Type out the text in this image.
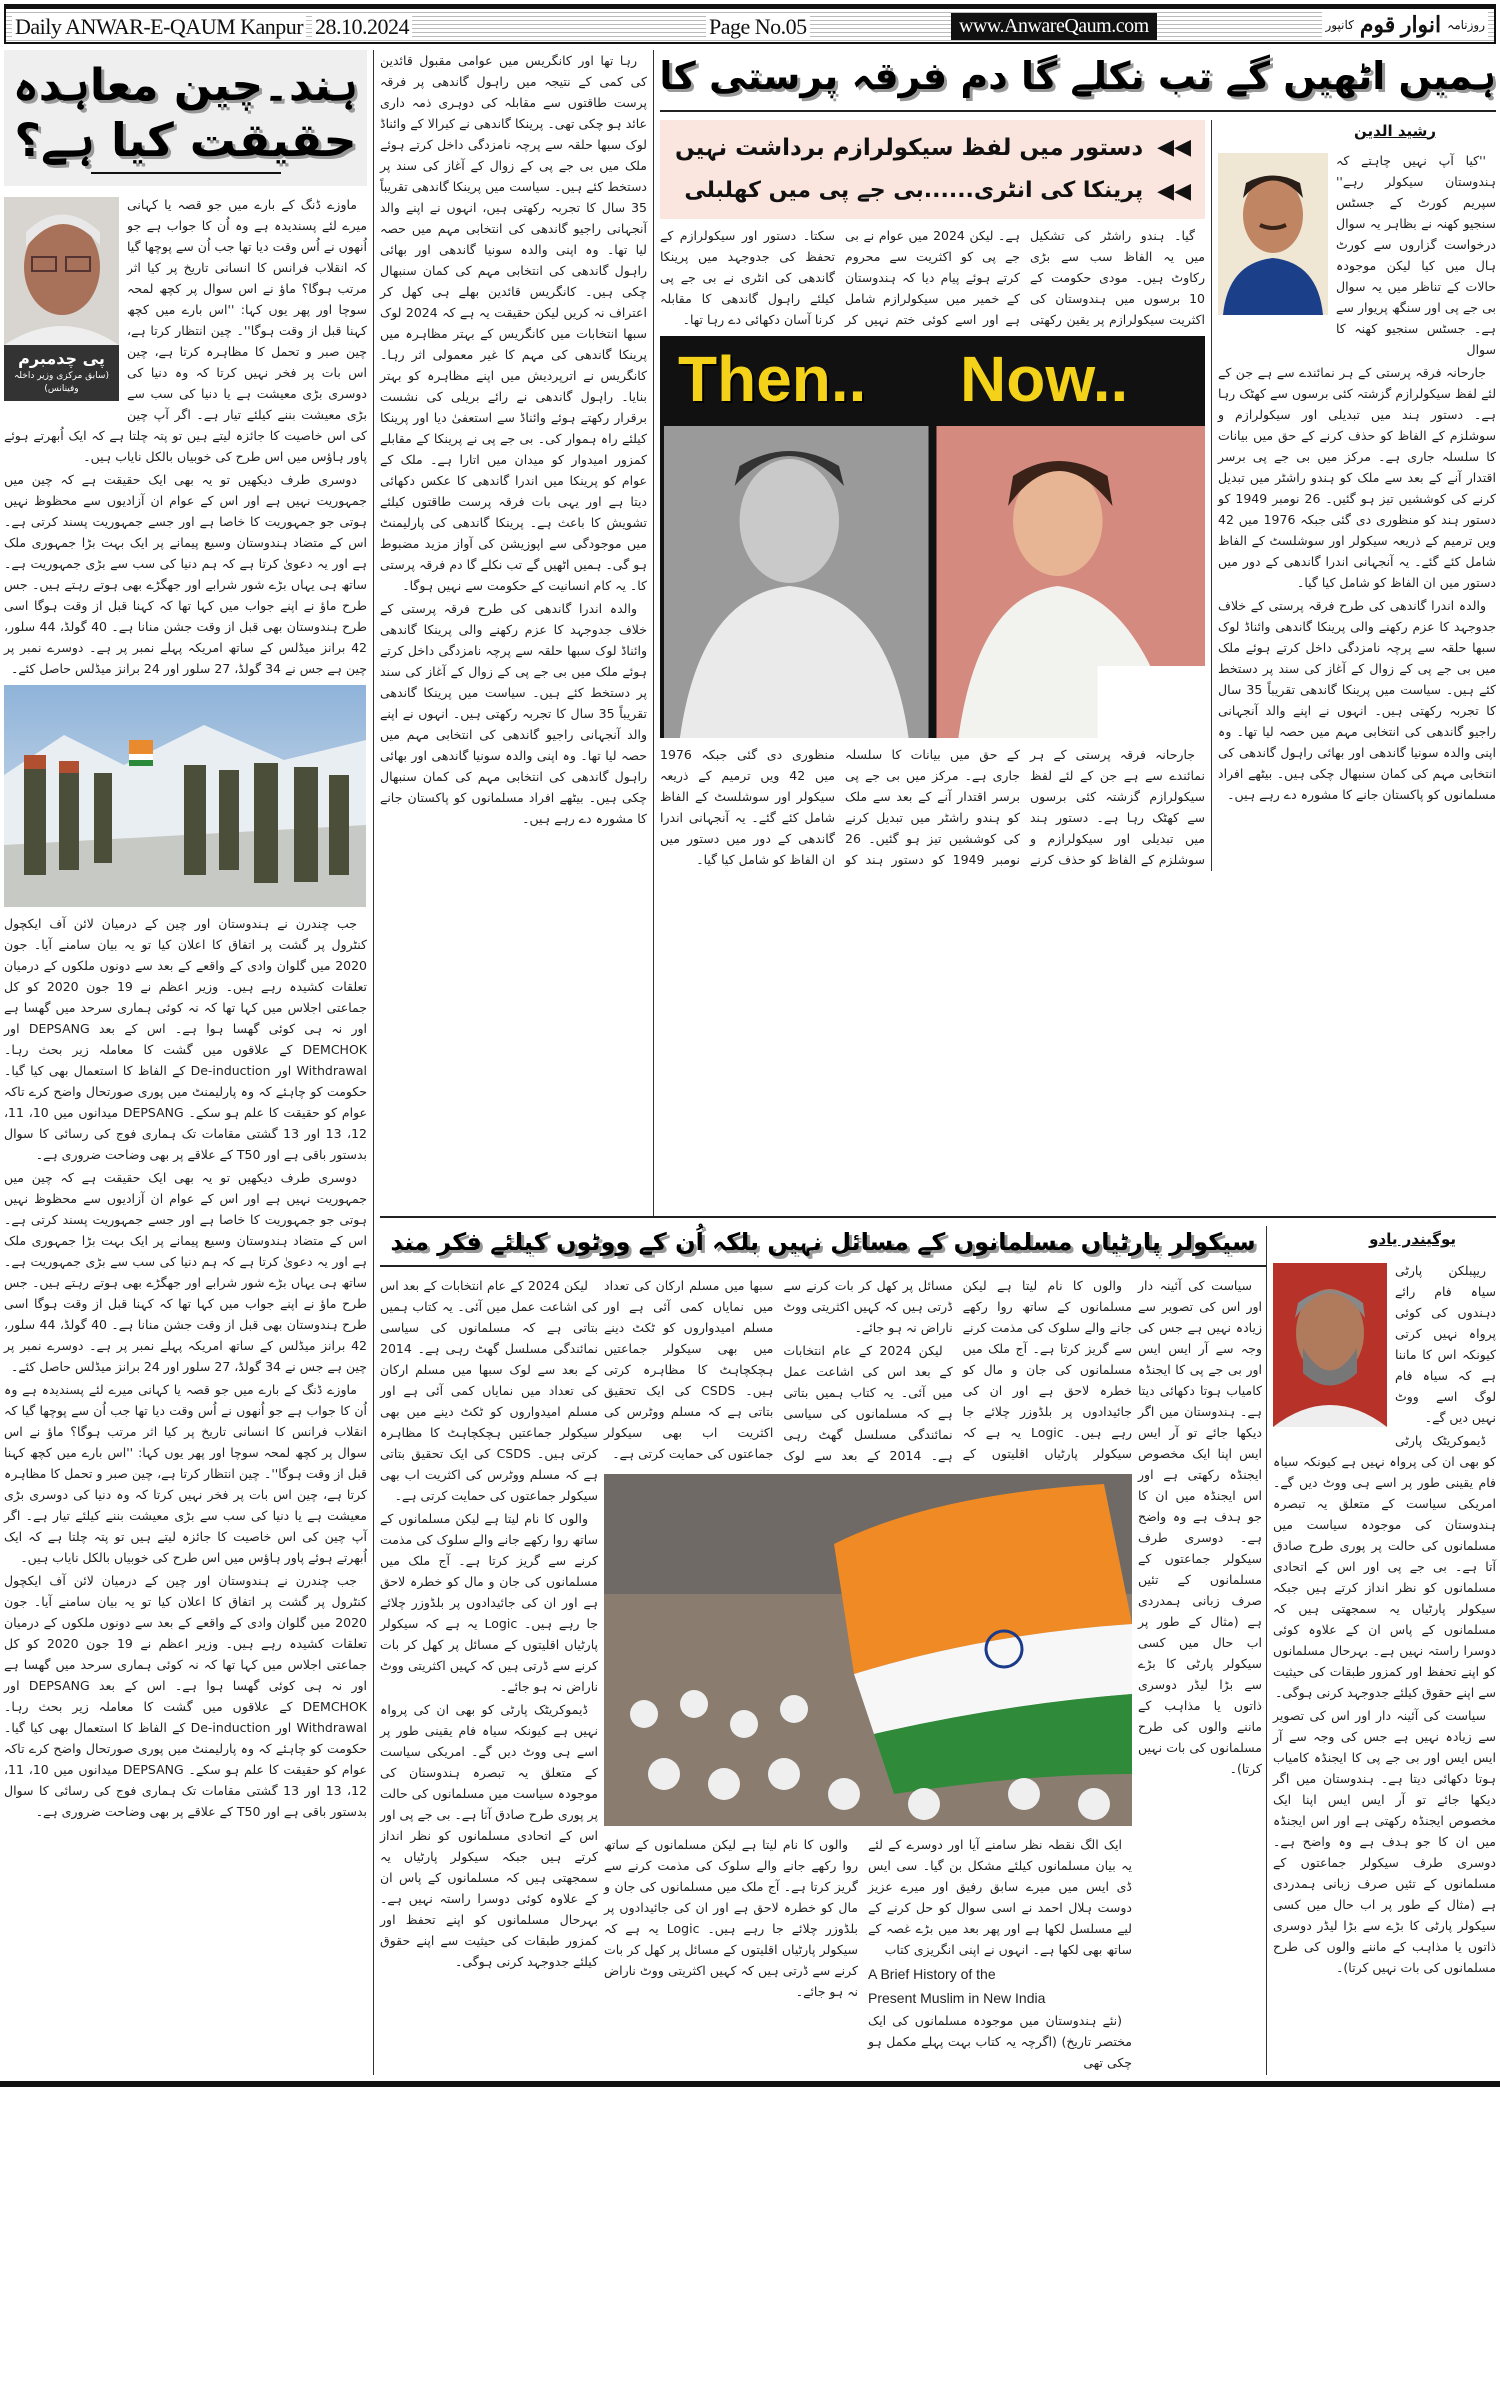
Daily ANWAR-E-QAUM Kanpur 28.10.2024	Page No.05	www.AnwareQaum.com	روزنامہ
انوار قوم
کانپور
ہند۔چین معاہدہ
حقیقت کیا ہے؟
پی چدمبرم
(سابق مرکزی وزیر داخلہ وفینانس)

ماوزے ڈنگ کے بارے میں جو قصہ یا کہانی میرے لئے پسندیدہ ہے وہ اُن کا جواب ہے جو اُنھوں نے اُس وقت دیا تھا جب اُن سے پوچھا گیا کہ انقلاب فرانس کا انسانی تاریخ پر کیا اثر مرتب ہوگا؟ ماؤ نے اس سوال پر کچھ لمحہ سوچا اور پھر یوں کہا: ''اس بارے میں کچھ کہنا قبل از وقت ہوگا''۔ چین انتظار کرتا ہے، چین صبر و تحمل کا مظاہرہ کرتا ہے، چین اس بات پر فخر نہیں کرتا کہ وہ دنیا کی دوسری بڑی معیشت ہے یا دنیا کی سب سے بڑی معیشت بننے کیلئے تیار ہے۔ اگر آپ چین کی اس خاصیت کا جائزہ لیتے ہیں تو پتہ چلتا ہے کہ ایک اُبھرتے ہوئے پاور ہاؤس میں اس طرح کی خوبیاں بالکل نایاب ہیں۔

دوسری طرف دیکھیں تو یہ بھی ایک حقیقت ہے کہ چین میں جمہوریت نہیں ہے اور اس کے عوام ان آزادیوں سے محظوظ نہیں ہوتی جو جمہوریت کا خاصا ہے اور جسے جمہوریت پسند کرتی ہے۔ اس کے متضاد ہندوستان وسیع پیمانے پر ایک بہت بڑا جمہوری ملک ہے اور یہ دعویٰ کرتا ہے کہ ہم دنیا کی سب سے بڑی جمہوریت ہے۔ ساتھ ہی یہاں بڑے شور شرابے اور جھگڑے بھی ہوتے رہتے ہیں۔ جس طرح ماؤ نے اپنے جواب میں کہا تھا کہ کہنا قبل از وقت ہوگا اسی طرح ہندوستان بھی قبل از وقت جشن منانا ہے۔ 40 گولڈ، 44 سلور، 42 برانز میڈلس کے ساتھ امریکہ پہلے نمبر پر ہے۔ دوسرے نمبر پر چین ہے جس نے 34 گولڈ، 27 سلور اور 24 برانز میڈلس حاصل کئے۔

جب چندرن نے ہندوستان اور چین کے درمیان لائن آف ایکچول کنٹرول پر گشت پر اتفاق کا اعلان کیا تو یہ بیان سامنے آیا۔ جون 2020 میں گلوان وادی کے واقعے کے بعد سے دونوں ملکوں کے درمیان تعلقات کشیدہ رہے ہیں۔ وزیر اعظم نے 19 جون 2020 کو کل جماعتی اجلاس میں کہا تھا کہ نہ کوئی ہماری سرحد میں گھسا ہے اور نہ ہی کوئی گھسا ہوا ہے۔ اس کے بعد DEPSANG اور DEMCHOK کے علاقوں میں گشت کا معاملہ زیر بحث رہا۔ Withdrawal اور De-induction کے الفاظ کا استعمال بھی کیا گیا۔ حکومت کو چاہئے کہ وہ پارلیمنٹ میں پوری صورتحال واضح کرے تاکہ عوام کو حقیقت کا علم ہو سکے۔ DEPSANG میدانوں میں 10، 11، 12، 13 اور 13 گشتی مقامات تک ہماری فوج کی رسائی کا سوال بدستور باقی ہے اور T50 کے علاقے پر بھی وضاحت ضروری ہے۔

دوسری طرف دیکھیں تو یہ بھی ایک حقیقت ہے کہ چین میں جمہوریت نہیں ہے اور اس کے عوام ان آزادیوں سے محظوظ نہیں ہوتی جو جمہوریت کا خاصا ہے اور جسے جمہوریت پسند کرتی ہے۔ اس کے متضاد ہندوستان وسیع پیمانے پر ایک بہت بڑا جمہوری ملک ہے اور یہ دعویٰ کرتا ہے کہ ہم دنیا کی سب سے بڑی جمہوریت ہے۔ ساتھ ہی یہاں بڑے شور شرابے اور جھگڑے بھی ہوتے رہتے ہیں۔ جس طرح ماؤ نے اپنے جواب میں کہا تھا کہ کہنا قبل از وقت ہوگا اسی طرح ہندوستان بھی قبل از وقت جشن منانا ہے۔ 40 گولڈ، 44 سلور، 42 برانز میڈلس کے ساتھ امریکہ پہلے نمبر پر ہے۔ دوسرے نمبر پر چین ہے جس نے 34 گولڈ، 27 سلور اور 24 برانز میڈلس حاصل کئے۔

ماوزے ڈنگ کے بارے میں جو قصہ یا کہانی میرے لئے پسندیدہ ہے وہ اُن کا جواب ہے جو اُنھوں نے اُس وقت دیا تھا جب اُن سے پوچھا گیا کہ انقلاب فرانس کا انسانی تاریخ پر کیا اثر مرتب ہوگا؟ ماؤ نے اس سوال پر کچھ لمحہ سوچا اور پھر یوں کہا: ''اس بارے میں کچھ کہنا قبل از وقت ہوگا''۔ چین انتظار کرتا ہے، چین صبر و تحمل کا مظاہرہ کرتا ہے، چین اس بات پر فخر نہیں کرتا کہ وہ دنیا کی دوسری بڑی معیشت ہے یا دنیا کی سب سے بڑی معیشت بننے کیلئے تیار ہے۔ اگر آپ چین کی اس خاصیت کا جائزہ لیتے ہیں تو پتہ چلتا ہے کہ ایک اُبھرتے ہوئے پاور ہاؤس میں اس طرح کی خوبیاں بالکل نایاب ہیں۔

جب چندرن نے ہندوستان اور چین کے درمیان لائن آف ایکچول کنٹرول پر گشت پر اتفاق کا اعلان کیا تو یہ بیان سامنے آیا۔ جون 2020 میں گلوان وادی کے واقعے کے بعد سے دونوں ملکوں کے درمیان تعلقات کشیدہ رہے ہیں۔ وزیر اعظم نے 19 جون 2020 کو کل جماعتی اجلاس میں کہا تھا کہ نہ کوئی ہماری سرحد میں گھسا ہے اور نہ ہی کوئی گھسا ہوا ہے۔ اس کے بعد DEPSANG اور DEMCHOK کے علاقوں میں گشت کا معاملہ زیر بحث رہا۔ Withdrawal اور De-induction کے الفاظ کا استعمال بھی کیا گیا۔ حکومت کو چاہئے کہ وہ پارلیمنٹ میں پوری صورتحال واضح کرے تاکہ عوام کو حقیقت کا علم ہو سکے۔ DEPSANG میدانوں میں 10، 11، 12، 13 اور 13 گشتی مقامات تک ہماری فوج کی رسائی کا سوال بدستور باقی ہے اور T50 کے علاقے پر بھی وضاحت ضروری ہے۔

رہا تھا اور کانگریس میں عوامی مقبول قائدین کی کمی کے نتیجہ میں راہول گاندھی پر فرقہ پرست طاقتوں سے مقابلہ کی دوہری ذمہ داری عائد ہو چکی تھی۔ پرینکا گاندھی نے کیرالا کے وائناڈ لوک سبھا حلقہ سے پرچہ نامزدگی داخل کرتے ہوئے ملک میں بی جے پی کے زوال کے آغاز کی سند پر دستخط کئے ہیں۔ سیاست میں پرینکا گاندھی تقریباً 35 سال کا تجربہ رکھتی ہیں، انہوں نے اپنے والد آنجہانی راجیو گاندھی کی انتخابی مہم میں حصہ لیا تھا۔ وہ اپنی والدہ سونیا گاندھی اور بھائی راہول گاندھی کی انتخابی مہم کی کمان سنبھال چکی ہیں۔ کانگریس قائدین بھلے ہی کھل کر اعتراف نہ کریں لیکن حقیقت یہ ہے کہ 2024 لوک سبھا انتخابات میں کانگریس کے بہتر مظاہرہ میں پرینکا گاندھی کی مہم کا غیر معمولی اثر رہا۔ کانگریس نے اترپردیش میں اپنے مظاہرہ کو بہتر بنایا۔ راہول گاندھی نے رائے بریلی کی نشست برقرار رکھتے ہوئے وائناڈ سے استعفیٰ دیا اور پرینکا کیلئے راہ ہموار کی۔ بی جے پی نے پرینکا کے مقابلے کمزور امیدوار کو میدان میں اتارا ہے۔ ملک کے عوام کو پرینکا میں اندرا گاندھی کا عکس دکھائی دیتا ہے اور یہی بات فرقہ پرست طاقتوں کیلئے تشویش کا باعث ہے۔ پرینکا گاندھی کی پارلیمنٹ میں موجودگی سے اپوزیشن کی آواز مزید مضبوط ہو گی۔ ہمیں اٹھیں گے تب نکلے گا دم فرقہ پرستی کا۔ یہ کام انسانیت کے حکومت سے نہیں ہوگا۔

والدہ اندرا گاندھی کی طرح فرقہ پرستی کے خلاف جدوجہد کا عزم رکھنے والی پرینکا گاندھی وائناڈ لوک سبھا حلقہ سے پرچہ نامزدگی داخل کرتے ہوئے ملک میں بی جے پی کے زوال کے آغاز کی سند پر دستخط کئے ہیں۔ سیاست میں پرینکا گاندھی تقریباً 35 سال کا تجربہ رکھتی ہیں۔ انہوں نے اپنے والد آنجہانی راجیو گاندھی کی انتخابی مہم میں حصہ لیا تھا۔ وہ اپنی والدہ سونیا گاندھی اور بھائی راہول گاندھی کی انتخابی مہم کی کمان سنبھال چکی ہیں۔ بیٹھے افراد مسلمانوں کو پاکستان جانے کا مشورہ دے رہے ہیں۔

ہمیں اٹھیں گے تب نکلے گا دم فرقہ پرستی کا
◀◀
دستور میں لفظ سیکولرازم برداشت نہیں
◀◀
پرینکا کی انٹری......بی جے پی میں کھلبلی

گیا۔ ہندو راشٹر کی تشکیل میں یہ الفاظ سب سے بڑی رکاوٹ ہیں۔ مودی حکومت کے 10 برسوں میں ہندوستان کی اکثریت سیکولرازم پر یقین رکھتی ہے۔ لیکن 2024 میں عوام نے بی جے پی کو اکثریت سے محروم کرتے ہوئے پیام دیا کہ ہندوستان کے خمیر میں سیکولرازم شامل ہے اور اسے کوئی ختم نہیں کر سکتا۔ دستور اور سیکولرازم کے تحفظ کی جدوجہد میں پرینکا گاندھی کی انٹری نے بی جے پی کیلئے راہول گاندھی کا مقابلہ کرنا آسان دکھائی دے رہا تھا۔

Then.. Now..

جارحانہ فرقہ پرستی کے ہر نمائندے سے ہے جن کے لئے لفظ سیکولرازم گزشتہ کئی برسوں سے کھٹک رہا ہے۔ دستور ہند میں تبدیلی اور سیکولرازم و سوشلزم کے الفاظ کو حذف کرنے کے حق میں بیانات کا سلسلہ جاری ہے۔ مرکز میں بی جے پی برسر اقتدار آنے کے بعد سے ملک کو ہندو راشٹر میں تبدیل کرنے کی کوششیں تیز ہو گئیں۔ 26 نومبر 1949 کو دستور ہند کو منظوری دی گئی جبکہ 1976 میں 42 ویں ترمیم کے ذریعہ سیکولر اور سوشلسٹ کے الفاظ شامل کئے گئے۔ یہ آنجہانی اندرا گاندھی کے دور میں دستور میں ان الفاظ کو شامل کیا گیا۔

رشید الدین

''کیا آپ نہیں چاہتے کہ ہندوستان سیکولر رہے'' سپریم کورٹ کے جسٹس سنجیو کھنہ نے بظاہر یہ سوال درخواست گزاروں سے کورٹ ہال میں کیا لیکن موجودہ حالات کے تناظر میں یہ سوال بی جے پی اور سنگھ پریوار سے ہے۔ جسٹس سنجیو کھنہ کا سوال

جارحانہ فرقہ پرستی کے ہر نمائندے سے ہے جن کے لئے لفظ سیکولرازم گزشتہ کئی برسوں سے کھٹک رہا ہے۔ دستور ہند میں تبدیلی اور سیکولرازم و سوشلزم کے الفاظ کو حذف کرنے کے حق میں بیانات کا سلسلہ جاری ہے۔ مرکز میں بی جے پی برسر اقتدار آنے کے بعد سے ملک کو ہندو راشٹر میں تبدیل کرنے کی کوششیں تیز ہو گئیں۔ 26 نومبر 1949 کو دستور ہند کو منظوری دی گئی جبکہ 1976 میں 42 ویں ترمیم کے ذریعہ سیکولر اور سوشلسٹ کے الفاظ شامل کئے گئے۔ یہ آنجہانی اندرا گاندھی کے دور میں دستور میں ان الفاظ کو شامل کیا گیا۔

والدہ اندرا گاندھی کی طرح فرقہ پرستی کے خلاف جدوجہد کا عزم رکھنے والی پرینکا گاندھی وائناڈ لوک سبھا حلقہ سے پرچہ نامزدگی داخل کرتے ہوئے ملک میں بی جے پی کے زوال کے آغاز کی سند پر دستخط کئے ہیں۔ سیاست میں پرینکا گاندھی تقریباً 35 سال کا تجربہ رکھتی ہیں۔ انہوں نے اپنے والد آنجہانی راجیو گاندھی کی انتخابی مہم میں حصہ لیا تھا۔ وہ اپنی والدہ سونیا گاندھی اور بھائی راہول گاندھی کی انتخابی مہم کی کمان سنبھال چکی ہیں۔ بیٹھے افراد مسلمانوں کو پاکستان جانے کا مشورہ دے رہے ہیں۔

سیکولر پارٹیاں مسلمانوں کے مسائل نہیں بلکہ اُن کے ووٹوں کیلئے فکر مند

لیکن 2024 کے عام انتخابات کے بعد اس کی اشاعت عمل میں آئی۔ یہ کتاب ہمیں بتاتی ہے کہ مسلمانوں کی سیاسی نمائندگی مسلسل گھٹ رہی ہے۔ 2014 کے بعد سے لوک سبھا میں مسلم ارکان کی تعداد میں نمایاں کمی آئی ہے اور مسلم امیدواروں کو ٹکٹ دینے میں بھی سیکولر جماعتیں ہچکچاہٹ کا مظاہرہ کرتی ہیں۔ CSDS کی ایک تحقیق بتاتی ہے کہ مسلم ووٹرس کی اکثریت اب بھی سیکولر جماعتوں کی حمایت کرتی ہے۔

والوں کا نام لیتا ہے لیکن مسلمانوں کے ساتھ روا رکھے جانے والے سلوک کی مذمت کرنے سے گریز کرتا ہے۔ آج ملک میں مسلمانوں کی جان و مال کو خطرہ لاحق ہے اور ان کی جائیدادوں پر بلڈوزر چلائے جا رہے ہیں۔ Logic یہ ہے کہ سیکولر پارٹیاں اقلیتوں کے مسائل پر کھل کر بات کرنے سے ڈرتی ہیں کہ کہیں اکثریتی ووٹ ناراض نہ ہو جائے۔

ڈیموکریٹک پارٹی کو بھی ان کی پرواہ نہیں ہے کیونکہ سیاہ فام یقینی طور پر اسے ہی ووٹ دیں گے۔ امریکی سیاست کے متعلق یہ تبصرہ ہندوستان کی موجودہ سیاست میں مسلمانوں کی حالت پر پوری طرح صادق آتا ہے۔ بی جے پی اور اس کے اتحادی مسلمانوں کو نظر انداز کرتے ہیں جبکہ سیکولر پارٹیاں یہ سمجھتی ہیں کہ مسلمانوں کے پاس ان کے علاوہ کوئی دوسرا راستہ نہیں ہے۔ بہرحال مسلمانوں کو اپنے تحفظ اور کمزور طبقات کی حیثیت سے اپنے حقوق کیلئے جدوجہد کرنی ہوگی۔

والوں کا نام لیتا ہے لیکن مسلمانوں کے ساتھ روا رکھے جانے والے سلوک کی مذمت کرنے سے گریز کرتا ہے۔ آج ملک میں مسلمانوں کی جان و مال کو خطرہ لاحق ہے اور ان کی جائیدادوں پر بلڈوزر چلائے جا رہے ہیں۔ Logic یہ ہے کہ سیکولر پارٹیاں اقلیتوں کے مسائل پر کھل کر بات کرنے سے ڈرتی ہیں کہ کہیں اکثریتی ووٹ ناراض نہ ہو جائے۔

لیکن 2024 کے عام انتخابات کے بعد اس کی اشاعت عمل میں آئی۔ یہ کتاب ہمیں بتاتی ہے کہ مسلمانوں کی سیاسی نمائندگی مسلسل گھٹ رہی ہے۔ 2014 کے بعد سے لوک سبھا میں مسلم ارکان کی تعداد میں نمایاں کمی آئی ہے اور مسلم امیدواروں کو ٹکٹ دینے میں بھی سیکولر جماعتیں ہچکچاہٹ کا مظاہرہ کرتی ہیں۔ CSDS کی ایک تحقیق بتاتی ہے کہ مسلم ووٹرس کی اکثریت اب بھی سیکولر جماعتوں کی حمایت کرتی ہے۔

والوں کا نام لیتا ہے لیکن مسلمانوں کے ساتھ روا رکھے جانے والے سلوک کی مذمت کرنے سے گریز کرتا ہے۔ آج ملک میں مسلمانوں کی جان و مال کو خطرہ لاحق ہے اور ان کی جائیدادوں پر بلڈوزر چلائے جا رہے ہیں۔ Logic یہ ہے کہ سیکولر پارٹیاں اقلیتوں کے مسائل پر کھل کر بات کرنے سے ڈرتی ہیں کہ کہیں اکثریتی ووٹ ناراض نہ ہو جائے۔

ایک الگ نقطہ نظر سامنے آیا اور دوسرے کے لئے یہ بیان مسلمانوں کیلئے مشکل بن گیا۔ سی ایس ڈی ایس میں میرے سابق رفیق اور میرے عزیز دوست ہلال احمد نے اسی سوال کو حل کرنے کے لیے مسلسل لکھا ہے اور پھر بعد میں بڑے غصہ کے ساتھ بھی لکھا ہے۔ انہوں نے اپنی انگریزی کتاب

A Brief History of the
Present Muslim in New India

(نئے ہندوستان میں موجودہ مسلمانوں کی ایک مختصر تاریخ) (اگرچہ یہ کتاب بہت پہلے مکمل ہو چکی تھی

سیاست کی آئینہ دار اور اس کی تصویر سے زیادہ نہیں ہے جس کی وجہ سے آر ایس ایس اور بی جے پی کا ایجنڈہ کامیاب ہوتا دکھائی دیتا ہے۔ ہندوستان میں اگر دیکھا جائے تو آر ایس ایس اپنا ایک مخصوص ایجنڈہ رکھتی ہے اور اس ایجنڈہ میں ان کا جو ہدف ہے وہ واضح ہے۔ دوسری طرف سیکولر جماعتوں کے مسلمانوں کے تئیں صرف زبانی ہمدردی ہے (مثال کے طور پر اب حال میں کسی سیکولر پارٹی کا بڑے سے بڑا لیڈر دوسری ذاتوں یا مذاہب کے ماننے والوں کی طرح مسلمانوں کی بات نہیں کرتا)۔

یوگیندر یادو

ریپبلکن پارٹی سیاہ فام رائے دہندوں کی کوئی پرواہ نہیں کرتی کیونکہ اس کا ماننا ہے کہ سیاہ فام لوگ اسے ووٹ نہیں دیں گے۔

ڈیموکریٹک پارٹی کو بھی ان کی پرواہ نہیں ہے کیونکہ سیاہ فام یقینی طور پر اسے ہی ووٹ دیں گے۔ امریکی سیاست کے متعلق یہ تبصرہ ہندوستان کی موجودہ سیاست میں مسلمانوں کی حالت پر پوری طرح صادق آتا ہے۔ بی جے پی اور اس کے اتحادی مسلمانوں کو نظر انداز کرتے ہیں جبکہ سیکولر پارٹیاں یہ سمجھتی ہیں کہ مسلمانوں کے پاس ان کے علاوہ کوئی دوسرا راستہ نہیں ہے۔ بہرحال مسلمانوں کو اپنے تحفظ اور کمزور طبقات کی حیثیت سے اپنے حقوق کیلئے جدوجہد کرنی ہوگی۔

سیاست کی آئینہ دار اور اس کی تصویر سے زیادہ نہیں ہے جس کی وجہ سے آر ایس ایس اور بی جے پی کا ایجنڈہ کامیاب ہوتا دکھائی دیتا ہے۔ ہندوستان میں اگر دیکھا جائے تو آر ایس ایس اپنا ایک مخصوص ایجنڈہ رکھتی ہے اور اس ایجنڈہ میں ان کا جو ہدف ہے وہ واضح ہے۔ دوسری طرف سیکولر جماعتوں کے مسلمانوں کے تئیں صرف زبانی ہمدردی ہے (مثال کے طور پر اب حال میں کسی سیکولر پارٹی کا بڑے سے بڑا لیڈر دوسری ذاتوں یا مذاہب کے ماننے والوں کی طرح مسلمانوں کی بات نہیں کرتا)۔
